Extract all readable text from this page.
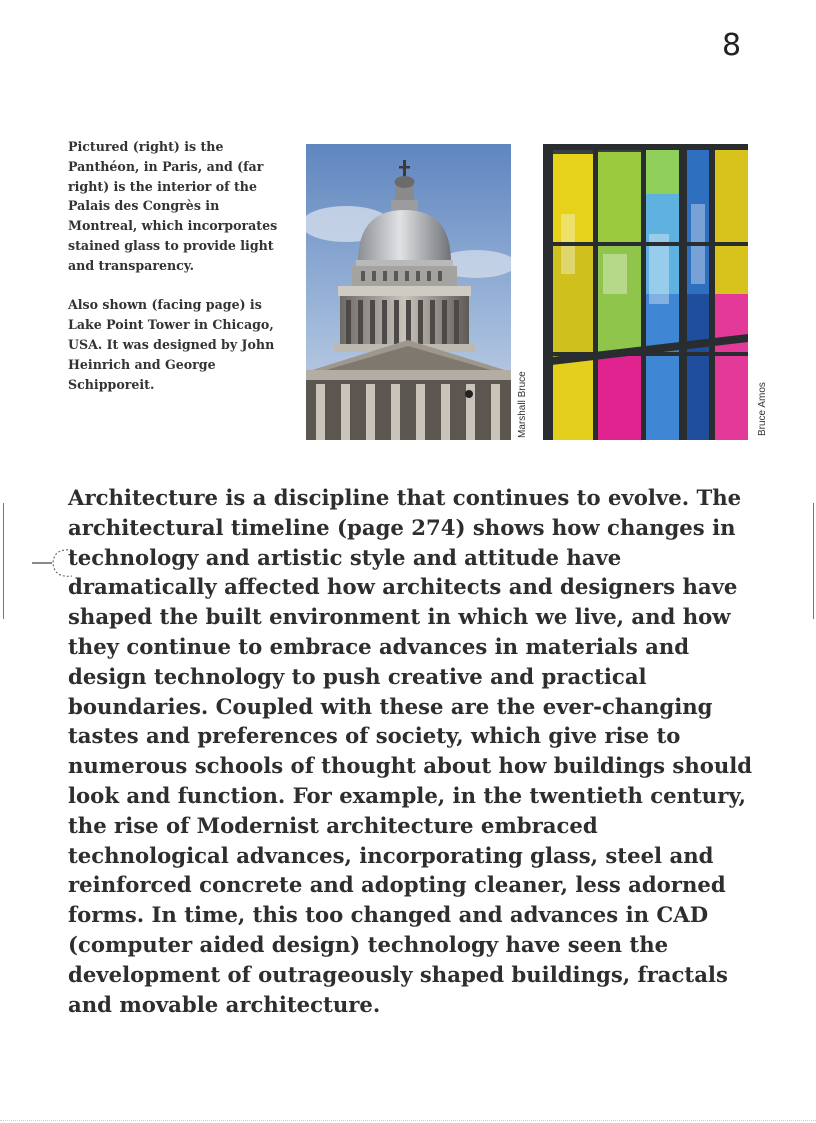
8

Pictured (right) is the Panthéon, in Paris, and (far right) is the interior of the Palais des Congrès in Montreal, which incorporates stained glass to provide light and transparency.

Also shown (facing page) is Lake Point Tower in Chicago, USA. It was designed by John Heinrich and George Schipporeit.	Marshall Bruce	Bruce Amos

Architecture is a discipline that continues to evolve. The architectural timeline (page 274) shows how changes in technology and artistic style and attitude have dramatically affected how architects and designers have shaped the built environment in which we live, and how they continue to embrace advances in materials and design technology to push creative and practical boundaries. Coupled with these are the ever-changing tastes and preferences of society, which give rise to numerous schools of thought about how buildings should look and function. For example, in the twentieth century, the rise of Modernist architecture embraced technological advances, incorporating glass, steel and reinforced concrete and adopting cleaner, less adorned forms. In time, this too changed and advances in CAD (computer aided design) technology have seen the development of outrageously shaped buildings, fractals and movable architecture.
